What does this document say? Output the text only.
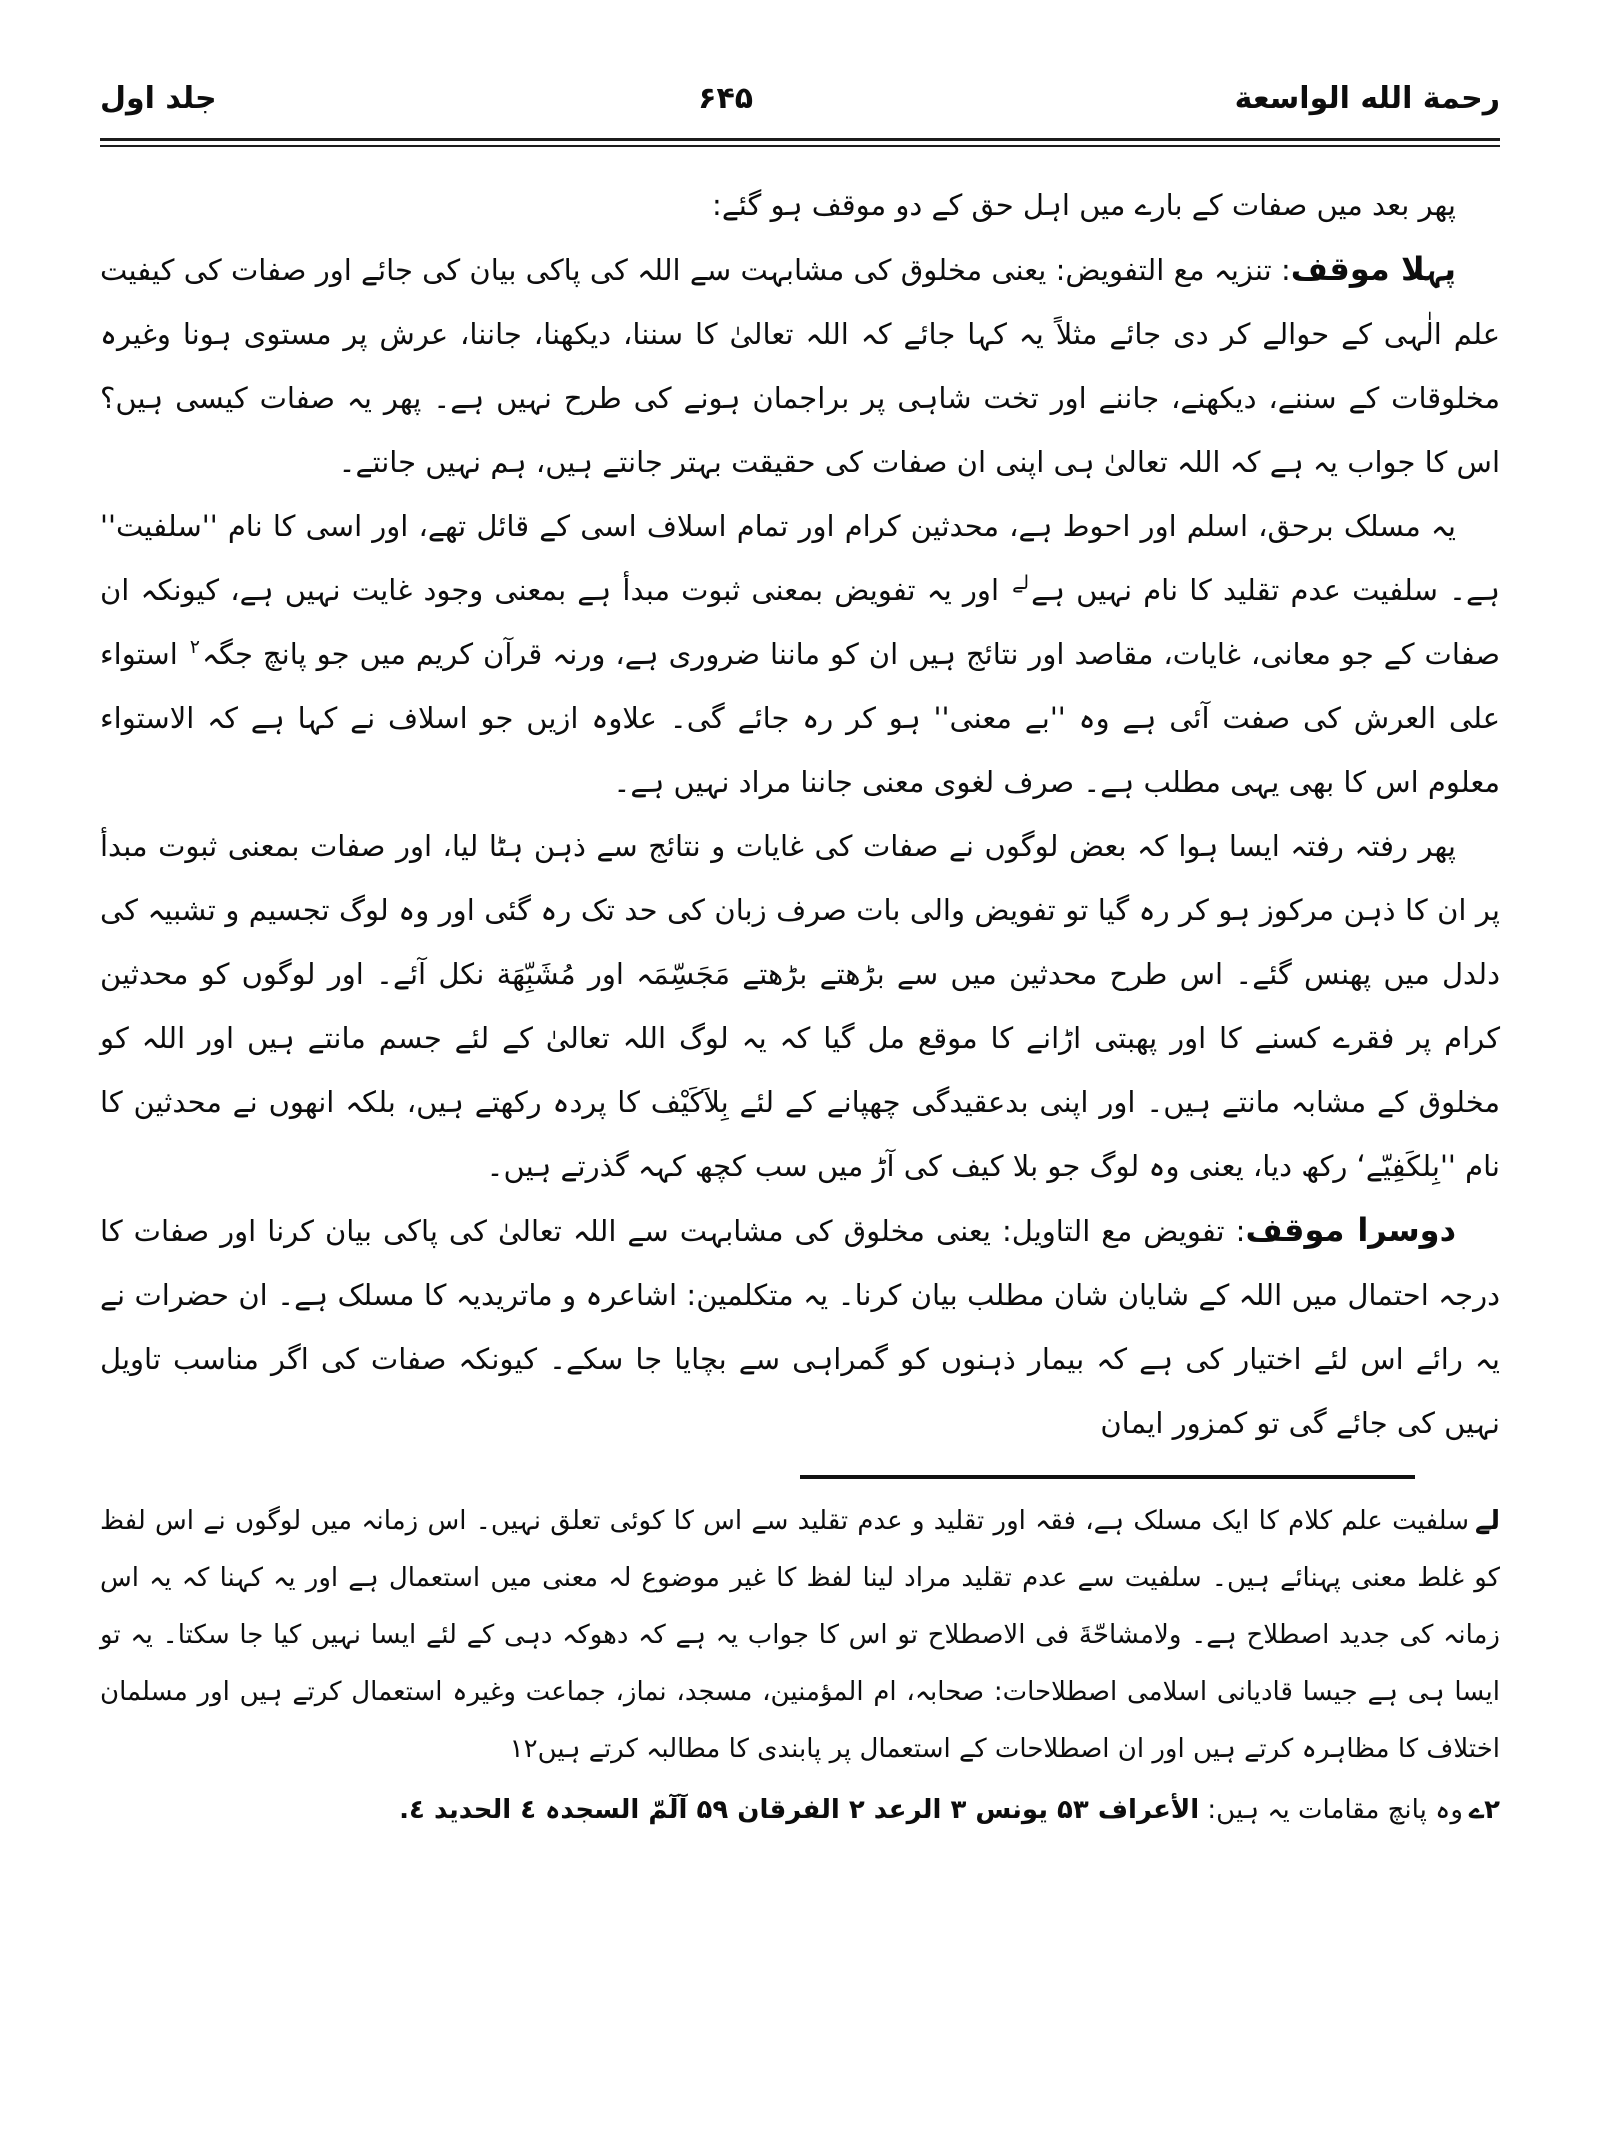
رحمة الله الواسعة
۶۴۵
جلد اول

پھر بعد میں صفات کے بارے میں اہل حق کے دو موقف ہو گئے:

پہلا موقف: تنزیہ مع التفویض: یعنی مخلوق کی مشابہت سے اللہ کی پاکی بیان کی جائے اور صفات کی کیفیت علم الٰہی کے حوالے کر دی جائے مثلاً یہ کہا جائے کہ اللہ تعالیٰ کا سننا، دیکھنا، جاننا، عرش پر مستوی ہونا وغیرہ مخلوقات کے سننے، دیکھنے، جاننے اور تخت شاہی پر براجمان ہونے کی طرح نہیں ہے۔ پھر یہ صفات کیسی ہیں؟ اس کا جواب یہ ہے کہ اللہ تعالیٰ ہی اپنی ان صفات کی حقیقت بہتر جانتے ہیں، ہم نہیں جانتے۔

یہ مسلک برحق، اسلم اور احوط ہے، محدثین کرام اور تمام اسلاف اسی کے قائل تھے، اور اسی کا نام ''سلفیت'' ہے۔ سلفیت عدم تقلید کا نام نہیں ہے$^{لے}$ اور یہ تفویض بمعنی ثبوت مبدأ ہے بمعنی وجود غایت نہیں ہے، کیونکہ ان صفات کے جو معانی، غایات، مقاصد اور نتائج ہیں ان کو ماننا ضروری ہے، ورنہ قرآن کریم میں جو پانچ جگہ$^۲$ استواء علی العرش کی صفت آئی ہے وہ ''بے معنی'' ہو کر رہ جائے گی۔ علاوہ ازیں جو اسلاف نے کہا ہے کہ الاستواء معلوم اس کا بھی یہی مطلب ہے۔ صرف لغوی معنی جاننا مراد نہیں ہے۔

پھر رفتہ رفتہ ایسا ہوا کہ بعض لوگوں نے صفات کی غایات و نتائج سے ذہن ہٹا لیا، اور صفات بمعنی ثبوت مبدأ پر ان کا ذہن مرکوز ہو کر رہ گیا تو تفویض والی بات صرف زبان کی حد تک رہ گئی اور وہ لوگ تجسیم و تشبیہ کی دلدل میں پھنس گئے۔ اس طرح محدثین میں سے بڑھتے بڑھتے مَجَسِّمَہ اور مُشَبِّهَة نکل آئے۔ اور لوگوں کو محدثین کرام پر فقرے کسنے کا اور پھبتی اڑانے کا موقع مل گیا کہ یہ لوگ اللہ تعالیٰ کے لئے جسم مانتے ہیں اور اللہ کو مخلوق کے مشابہ مانتے ہیں۔ اور اپنی بدعقیدگی چھپانے کے لئے بِلاَکَیْف کا پردہ رکھتے ہیں، بلکہ انھوں نے محدثین کا نام ''بِلکَفِیّے‘ رکھ دیا، یعنی وہ لوگ جو بلا کیف کی آڑ میں سب کچھ کہہ گذرتے ہیں۔

دوسرا موقف: تفویض مع التاویل: یعنی مخلوق کی مشابہت سے اللہ تعالیٰ کی پاکی بیان کرنا اور صفات کا درجہ احتمال میں اللہ کے شایان شان مطلب بیان کرنا۔ یہ متکلمین: اشاعرہ و ماتریدیہ کا مسلک ہے۔ ان حضرات نے یہ رائے اس لئے اختیار کی ہے کہ بیمار ذہنوں کو گمراہی سے بچایا جا سکے۔ کیونکہ صفات کی اگر مناسب تاویل نہیں کی جائے گی تو کمزور ایمان

لےسلفیت علم کلام کا ایک مسلک ہے، فقہ اور تقلید و عدم تقلید سے اس کا کوئی تعلق نہیں۔ اس زمانہ میں لوگوں نے اس لفظ کو غلط معنی پہنائے ہیں۔ سلفیت سے عدم تقلید مراد لینا لفظ کا غیر موضوع لہ معنی میں استعمال ہے اور یہ کہنا کہ یہ اس زمانہ کی جدید اصطلاح ہے۔ ولامشاحّةَ فی الاصطلاح تو اس کا جواب یہ ہے کہ دھوکہ دہی کے لئے ایسا نہیں کیا جا سکتا۔ یہ تو ایسا ہی ہے جیسا قادیانی اسلامی اصطلاحات: صحابہ، ام المؤمنین، مسجد، نماز، جماعت وغیرہ استعمال کرتے ہیں اور مسلمان اختلاف کا مظاہرہ کرتے ہیں اور ان اصطلاحات کے استعمال پر پابندی کا مطالبہ کرتے ہیں۱۲

۲ےوہ پانچ مقامات یہ ہیں: الأعراف ۵۳ یونس ۳ الرعد ۲ الفرقان ۵۹ آلٓمّ السجدہ ٤ الحدید ٤.
